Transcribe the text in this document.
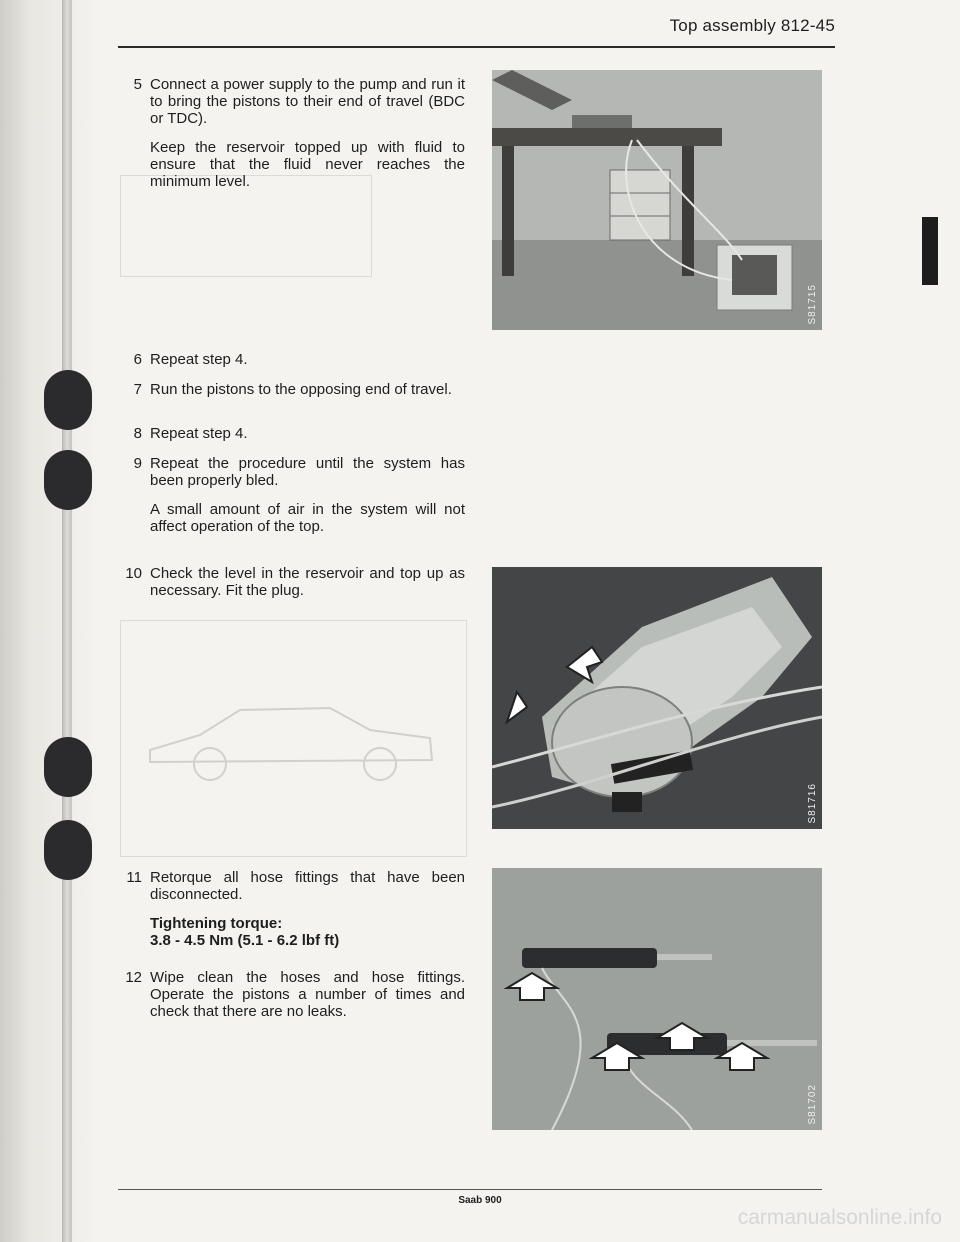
Top assembly 812-45
5 Connect a power supply to the pump and run it to bring the pistons to their end of travel (BDC or TDC).

Keep the reservoir topped up with fluid to ensure that the fluid never reaches the minimum level.

6 Repeat step 4.

7 Run the pistons to the opposing end of travel.

8 Repeat step 4.

9 Repeat the procedure until the system has been properly bled.

A small amount of air in the system will not affect operation of the top.

10 Check the level in the reservoir and top up as necessary. Fit the plug.

11 Retorque all hose fittings that have been disconnected.

Tightening torque:

3.8 - 4.5 Nm (5.1 - 6.2 lbf ft)

12 Wipe clean the hoses and hose fittings. Operate the pistons a number of times and check that there are no leaks.

S81715
S81716
S81702
Saab 900
carmanualsonline.info
